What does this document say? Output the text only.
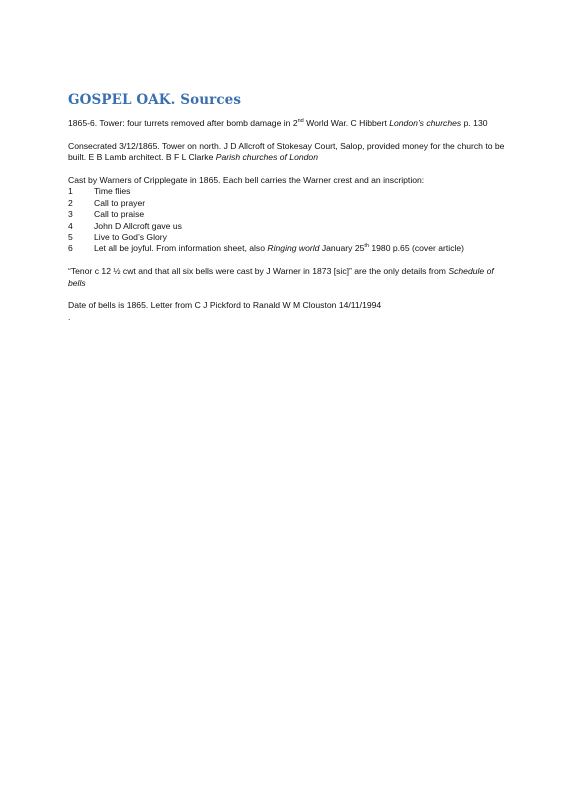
GOSPEL OAK. Sources

1865-6. Tower: four turrets removed after bomb damage in 2nd World War. C Hibbert London’s churches p. 130

Consecrated 3/12/1865. Tower on north. J D Allcroft of Stokesay Court, Salop, provided money for the church to be built. E B Lamb architect. B F L Clarke Parish churches of London

Cast by Warners of Cripplegate in 1865. Each bell carries the Warner crest and an inscription:
1	Time flies
2	Call to prayer
3	Call to praise
4	John D Allcroft gave us
5	Live to God’s Glory
6 Let all be joyful. From information sheet, also Ringing world January 25th 1980 p.65 (cover article)

“Tenor c 12 ½ cwt and that all six bells were cast by J Warner in 1873 [sic]” are the only details from Schedule of bells

Date of bells is 1865. Letter from C J Pickford to Ranald W M Clouston 14/11/1994
.
